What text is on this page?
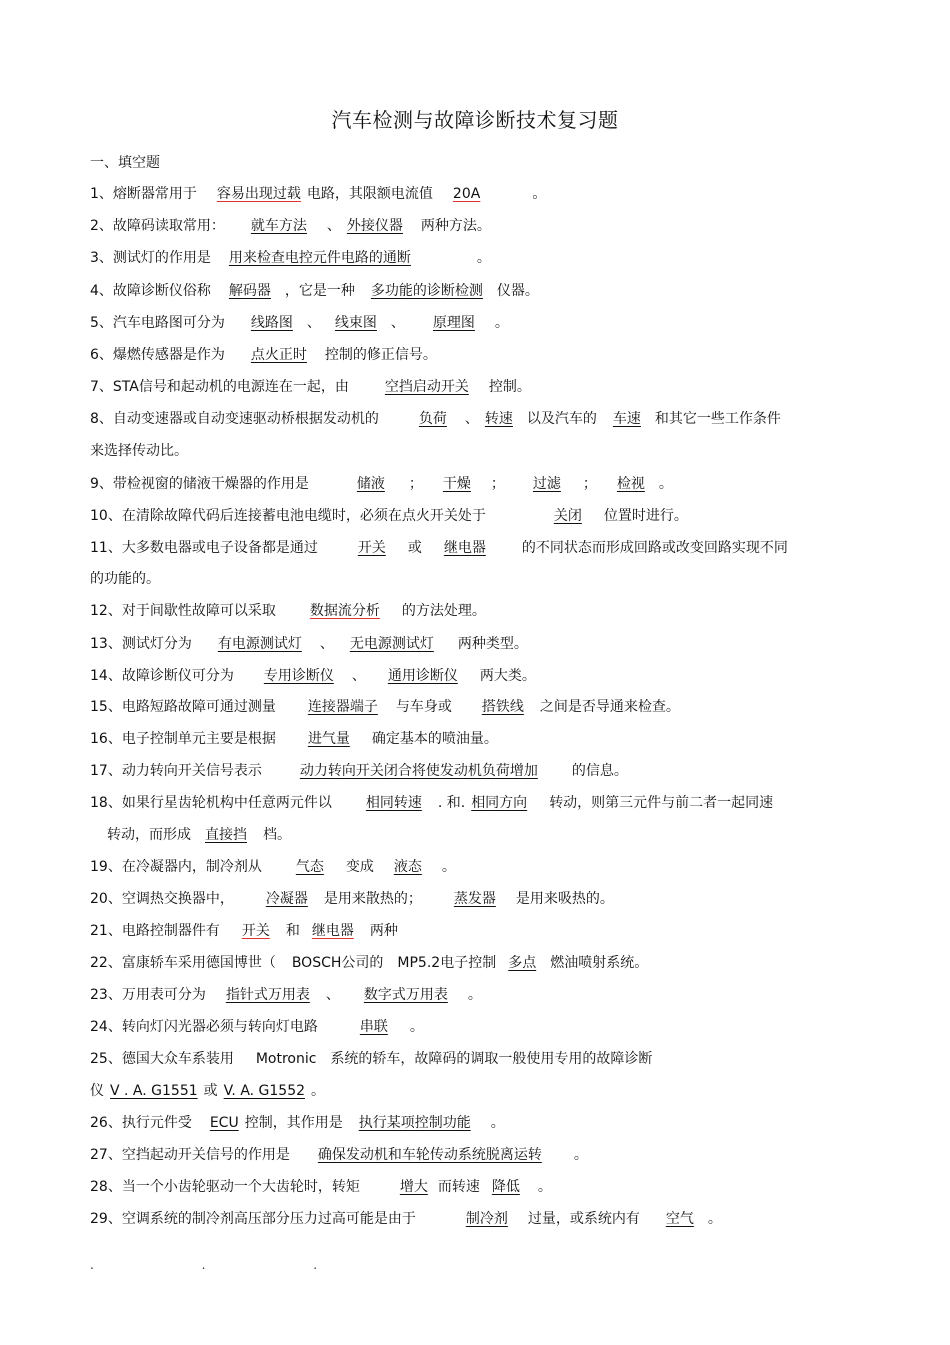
汽车检测与故障诊断技术复习题
一、填空题
1、熔断器常用于 容易出现过载 电路，其限额电流值 20A	。
2、故障码读取常用： 就车方法 、 外接仪器 两种方法。
3、测试灯的作用是 用来检查电控元件电路的通断	。
4、故障诊断仪俗称 解码器 ，它是一种 多功能的诊断检测 仪器。
5、汽车电路图可分为 线路图 、 线束图 、 原理图 。
6、爆燃传感器是作为 点火正时 控制的修正信号。
7、STA信号和起动机的电源连在一起，由	空挡启动开关 控制。
8、自动变速器或自动变速驱动桥根据发动机的	负荷 、 转速 以及汽车的 车速 和其它一些工作条件
来选择传动比。
9、带检视窗的储液干燥器的作用是	储液 ； 干燥 ； 过滤 ； 检视 。
10、在清除故障代码后连接蓄电池电缆时，必须在点火开关处于	关闭 位置时进行。
11、大多数电器或电子设备都是通过	开关 或 继电器	的不同状态而形成回路或改变回路实现不同
的功能的。
12、对于间歇性故障可以采取 数据流分析 的方法处理。
13、测试灯分为 有电源测试灯 、 无电源测试灯 两种类型。
14、故障诊断仪可分为 专用诊断仪 、 通用诊断仪 两大类。
15、电路短路故障可通过测量 连接器端子 与车身或 搭铁线 之间是否导通来检查。
16、电子控制单元主要是根据 进气量 确定基本的喷油量。
17、动力转向开关信号表示	动力转向开关闭合将使发动机负荷增加 的信息。
18、如果行星齿轮机构中任意两元件以 相同转速 . 和. 相同方向 转动，则第三元件与前二者一起同速
转动，而形成 直接挡 档。
19、在冷凝器内，制冷剂从 气态 变成 液态 。
20、空调热交换器中， 冷凝器 是用来散热的； 蒸发器 是用来吸热的。
21、电路控制器件有 开关 和 继电器 两种
22、富康轿车采用德国博世（ BOSCH公司的 MP5.2电子控制 多点 燃油喷射系统。
23、万用表可分为 指针式万用表 、 数字式万用表 。
24、转向灯闪光器必须与转向灯电路	串联 。
25、德国大众车系装用 Motronic 系统的轿车，故障码的调取一般使用专用的故障诊断
仪 V . A. G1551 或 V. A. G1552 。
26、执行元件受 ECU 控制，其作用是 执行某项控制功能 。
27、空挡起动开关信号的作用是 确保发动机和车轮传动系统脱离运转 。
28、当一个小齿轮驱动一个大齿轮时，转矩	增大 而转速 降低 。
29、空调系统的制冷剂高压部分压力过高可能是由于	制冷剂 过量，或系统内有 空气 。
. . .
